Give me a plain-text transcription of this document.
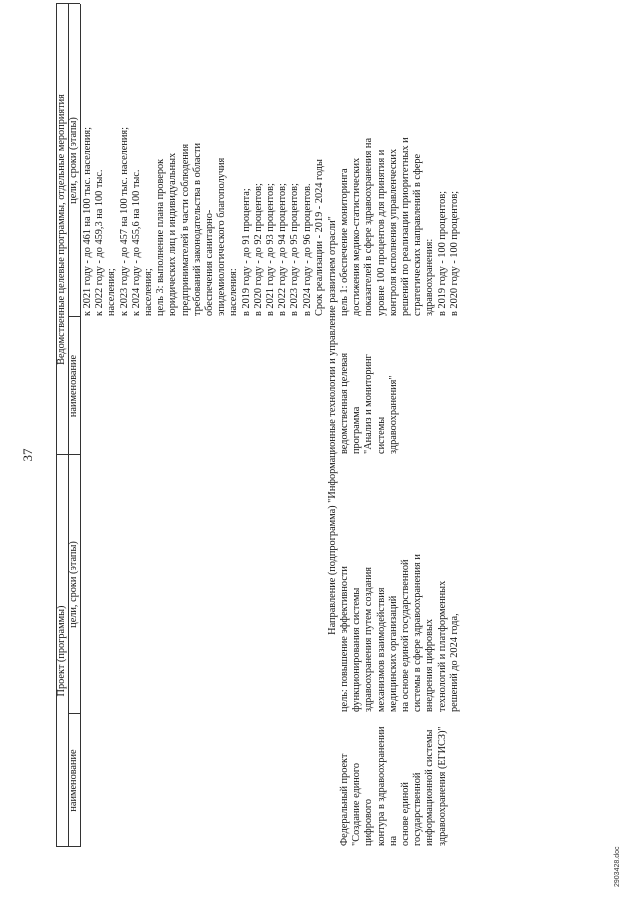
37
Проект (программы)
Ведомственные целевые программы, отдельные мероприятия
наименование
цели, сроки (этапы)
наименование
цели, сроки (этапы)
к 2021 году - до 461 на 100 тыс. населения;
к 2022 году - до 459,3 на 100 тыс.
населения;
к 2023 году - до 457 на 100 тыс. населения;
к 2024 году - до 455,6 на 100 тыс.
населения;
цель 3: выполнение плана проверок
юридических лиц и индивидуальных
предпринимателей в части соблюдения
требований законодательства в области
обеспечения санитарно-
эпидемиологического благополучия
населения:
в 2019 году - до 91 процента;
в 2020 году - до 92 процентов;
в 2021 году - до 93 процентов;
в 2022 году - до 94 процентов;
в 2023 году - до 95 процентов;
в 2024 году - до 96 процентов.
Срок реализации - 2019 - 2024 годы
Направление (подпрограмма) "Информационные технологии и управление развитием отрасли"
Федеральный проект
"Создание единого цифрового
контура в здравоохранении на
основе единой
государственной
информационной системы
здравоохранения (ЕГИСЗ)"
цель: повышение эффективности
функционирования системы
здравоохранения путем создания
механизмов взаимодействия
медицинских организаций
на основе единой государственной
системы в сфере здравоохранения и
внедрения цифровых
технологий и платформенных
решений до 2024 года,
ведомственная целевая программа
"Анализ и мониторинг системы
здравоохранения"
цель 1: обеспечение мониторинга
достижения медико-статистических
показателей в сфере здравоохранения на
уровне 100 процентов для принятия и
контроля исполнения управленческих
решений по реализации приоритетных и
стратегических направлений в сфере
здравоохранения:
в 2019 году - 100 процентов;
в 2020 году - 100 процентов;
2903428.doc
